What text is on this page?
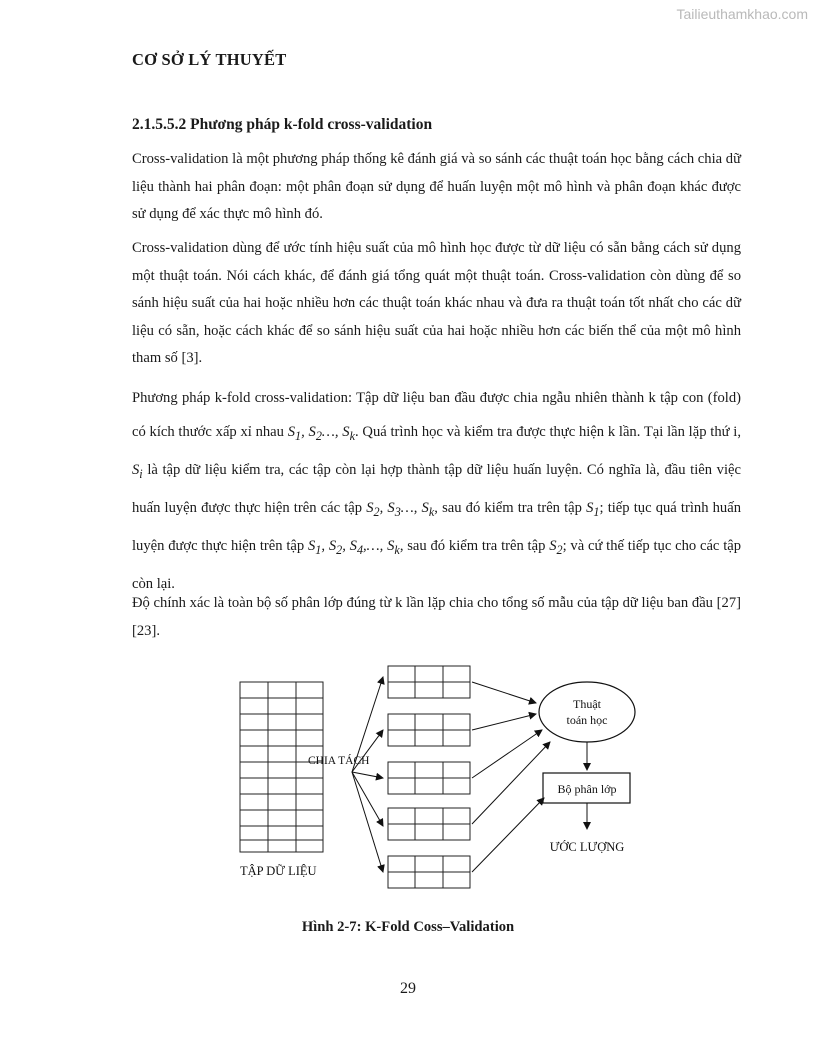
Tailieuthamkhao.com
CƠ SỞ LÝ THUYẾT
2.1.5.5.2 Phương pháp k-fold cross-validation

Cross-validation là một phương pháp thống kê đánh giá và so sánh các thuật toán học bằng cách chia dữ liệu thành hai phân đoạn: một phân đoạn sử dụng để huấn luyện một mô hình và phân đoạn khác được sử dụng để xác thực mô hình đó.

Cross-validation dùng để ước tính hiệu suất của mô hình học được từ dữ liệu có sẵn bằng cách sử dụng một thuật toán. Nói cách khác, để đánh giá tổng quát một thuật toán. Cross-validation còn dùng để so sánh hiệu suất của hai hoặc nhiều hơn các thuật toán khác nhau và đưa ra thuật toán tốt nhất cho các dữ liệu có sẵn, hoặc cách khác để so sánh hiệu suất của hai hoặc nhiều hơn các biến thể của một mô hình tham số [3].

Phương pháp k-fold cross-validation: Tập dữ liệu ban đầu được chia ngẫu nhiên thành k tập con (fold) có kích thước xấp xỉ nhau $S_1$, $S_2\dots$, $S_k$. Quá trình học và kiểm tra được thực hiện k lần. Tại lần lặp thứ i, $S_i$ là tập dữ liệu kiểm tra, các tập còn lại hợp thành tập dữ liệu huấn luyện. Có nghĩa là, đầu tiên việc huấn luyện được thực hiện trên các tập $S_2$, $S_3\dots$, $S_k$, sau đó kiểm tra trên tập $S_1$; tiếp tục quá trình huấn luyện được thực hiện trên tập $S_1$, $S_2$, $S_4,\dots$, $S_k$, sau đó kiểm tra trên tập $S_2$; và cứ thế tiếp tục cho các tập còn lại.

Độ chính xác là toàn bộ số phân lớp đúng từ k lần lặp chia cho tổng số mẫu của tập dữ liệu ban đầu [27][23].

TẬP DỮ LIỆU
CHIA TÁCH
Thuật
toán học
Bộ phân lớp
ƯỚC LƯỢNG
Hình 2-7: K-Fold Coss–Validation
29
